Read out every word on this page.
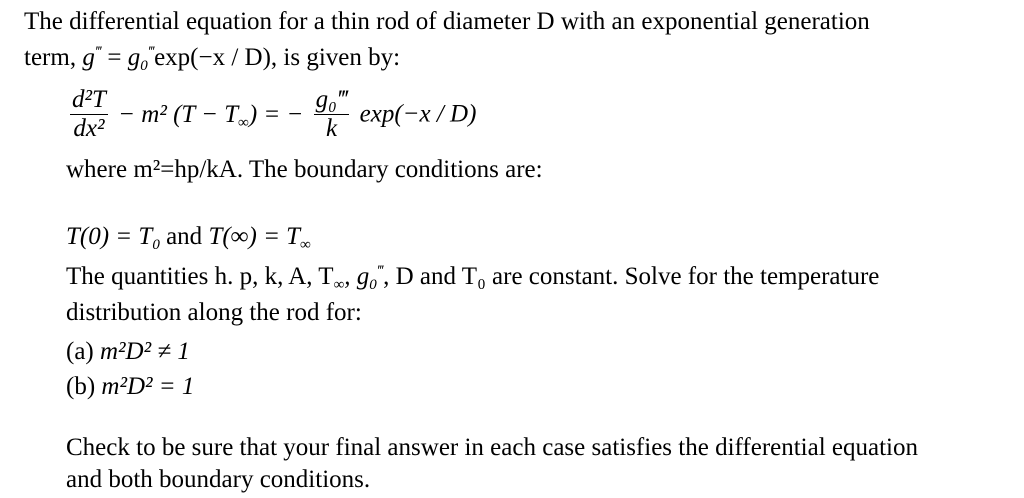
The differential equation for a thin rod of diameter D with an exponential generation
term, $g^‴ = g_0^‴\exp(-x / D)$, is given by:
$\frac{\text{d²T}}{\text{dx²}} - m^2$ $(T - T_\infty)$ = − $\frac{\text{g₀‴}}{k} \exp(-x / D)$
where m²=hp/kA. The boundary conditions are:
$T(0) = T_0$ and $T(\infty) = T_\infty$
The quantities h. p, k, A, $T_\infty$, $g_0^‴$, D and T₀ are constant. Solve for the temperature
distribution along the rod for:
(a) m²D² ≠ 1
(b) m²D² = 1
Check to be sure that your final answer in each case satisfies the differential equation
and both boundary conditions.
